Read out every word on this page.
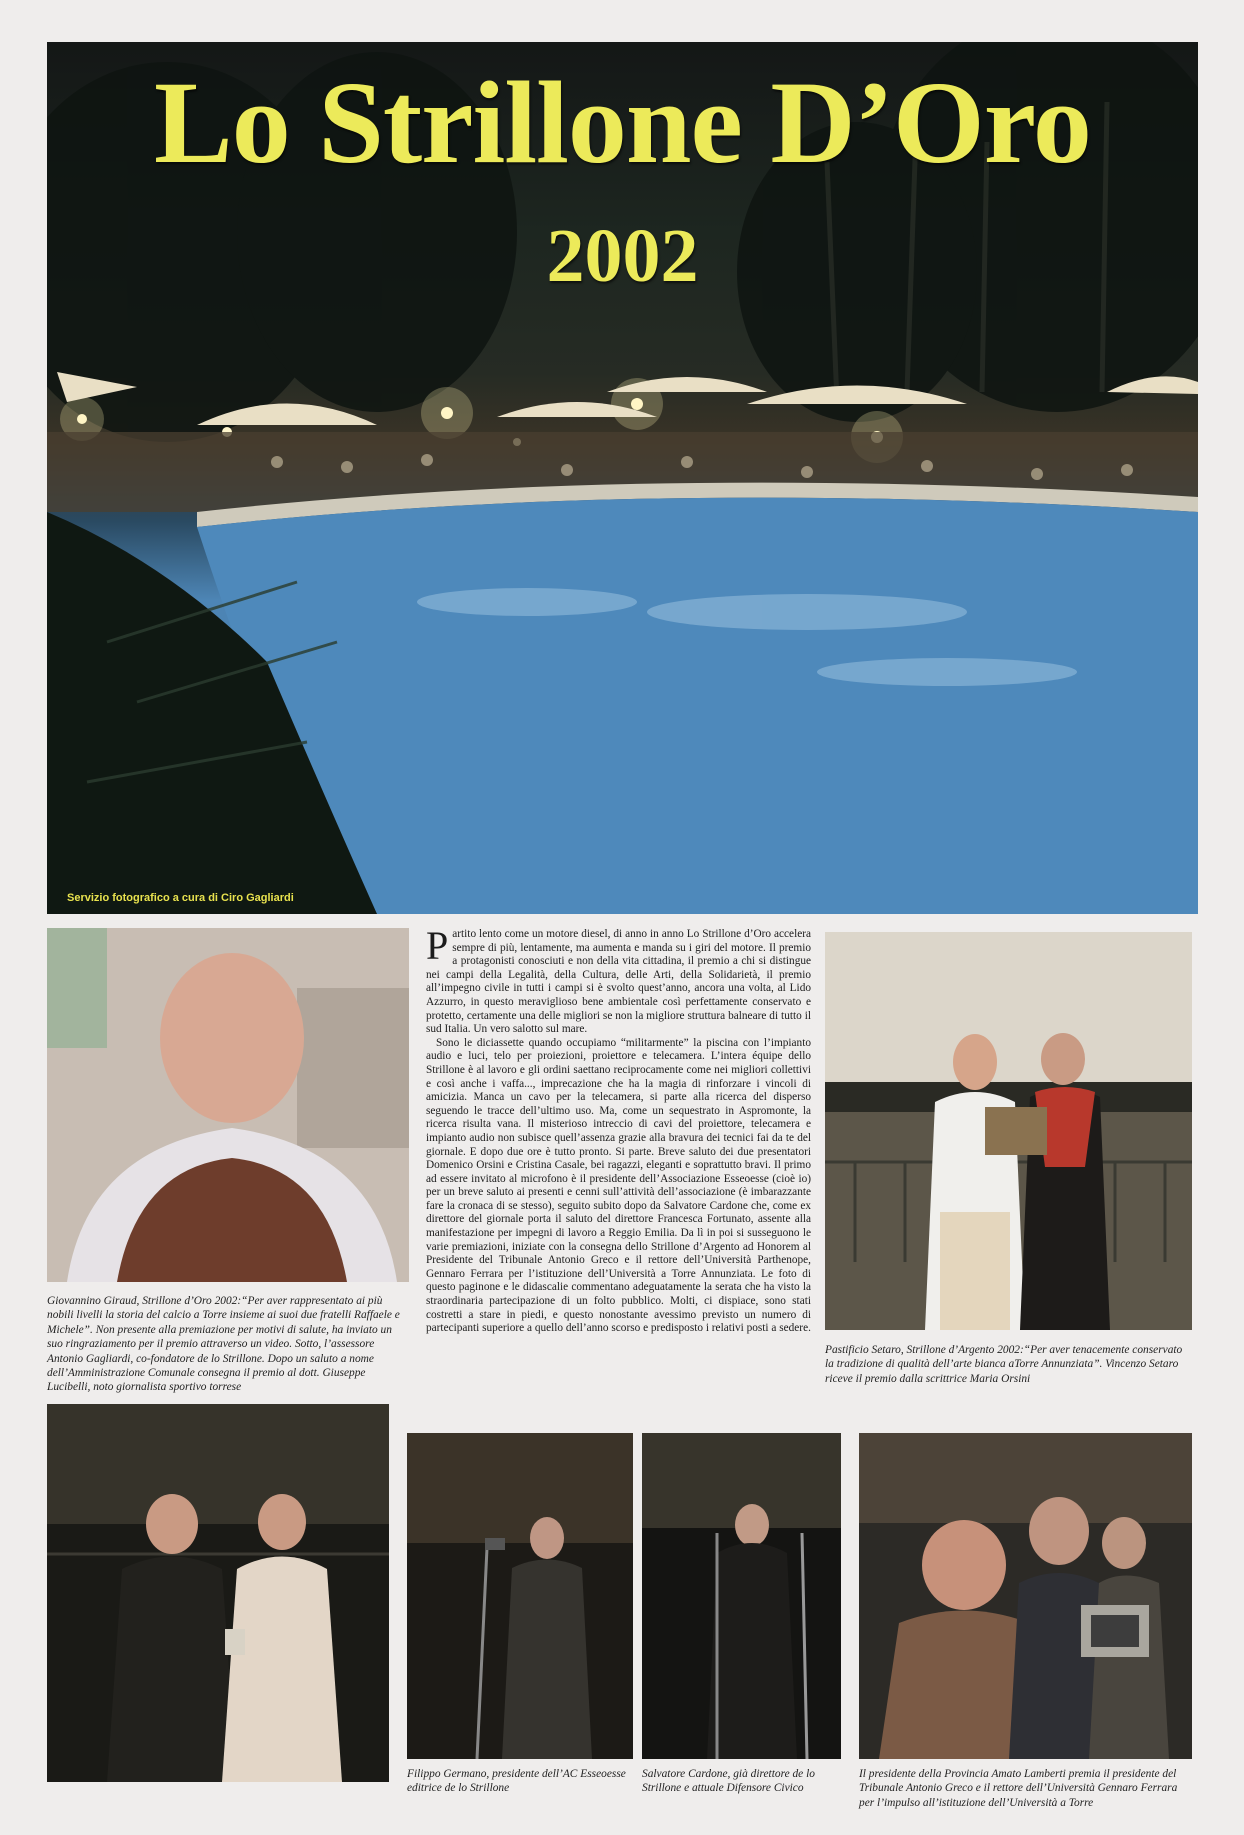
Lo Strillone D’Oro
2002
Servizio fotografico a cura di Ciro Gagliardi
Giovannino Giraud, Strillone d’Oro 2002:“Per aver rappresentato ai più nobili livelli la storia del calcio a Torre insieme ai suoi due fratelli Raffaele e Michele”. Non presente alla premiazione per motivi di salute, ha inviato un suo ringraziamento per il premio attraverso un video. Sotto, l’assessore Antonio Gagliardi, co-fondatore de lo Strillone. Dopo un saluto a nome dell’Amministrazione Comunale consegna il premio al dott. Giuseppe Lucibelli, noto giornalista sportivo torrese

Partito lento come un motore diesel, di anno in anno Lo Strillone d’Oro accelera sempre di più, lentamente, ma aumenta e manda su i giri del motore. Il premio a protagonisti conosciuti e non della vita cittadina, il premio a chi si distingue nei campi della Legalità, della Cultura, delle Arti, della Solidarietà, il premio all’impegno civile in tutti i campi si è svolto quest’anno, ancora una volta, al Lido Azzurro, in questo meraviglioso bene ambientale così perfettamente conservato e protetto, certamente una delle migliori se non la migliore struttura balneare di tutto il sud Italia. Un vero salotto sul mare.

Sono le diciassette quando occupiamo “militarmente” la piscina con l’impianto audio e luci, telo per proiezioni, proiettore e telecamera. L’intera équipe dello Strillone è al lavoro e gli ordini saettano reciprocamente come nei migliori collettivi e così anche i vaffa..., imprecazione che ha la magia di rinforzare i vincoli di amicizia. Manca un cavo per la telecamera, si parte alla ricerca del disperso seguendo le tracce dell’ultimo uso. Ma, come un sequestrato in Aspromonte, la ricerca risulta vana. Il misterioso intreccio di cavi del proiettore, telecamera e impianto audio non subisce quell’assenza grazie alla bravura dei tecnici fai da te del giornale. E dopo due ore è tutto pronto. Si parte. Breve saluto dei due presentatori Domenico Orsini e Cristina Casale, bei ragazzi, eleganti e soprattutto bravi. Il primo ad essere invitato al microfono è il presidente dell’Associazione Esseoesse (cioè io) per un breve saluto ai presenti e cenni sull’attività dell’associazione (è imbarazzante fare la cronaca di se stesso), seguito subito dopo da Salvatore Cardone che, come ex direttore del giornale porta il saluto del direttore Francesca Fortunato, assente alla manifestazione per impegni di lavoro a Reggio Emilia. Da lì in poi si susseguono le varie premiazioni, iniziate con la consegna dello Strillone d’Argento ad Honorem al Presidente del Tribunale Antonio Greco e il rettore dell’Università Parthenope, Gennaro Ferrara per l’istituzione dell’Università a Torre Annunziata. Le foto di questo paginone e le didascalie commentano adeguatamente la serata che ha visto la straordinaria partecipazione di un folto pubblico. Molti, ci dispiace, sono stati costretti a stare in piedi, e questo nonostante avessimo previsto un numero di partecipanti superiore a quello dell’anno scorso e predisposto i relativi posti a sedere.

Pastificio Setaro, Strillone d’Argento 2002:“Per aver tenacemente conservato la tradizione di qualità dell’arte bianca aTorre Annunziata”. Vincenzo Setaro riceve il premio dalla scrittrice Maria Orsini
Filippo Germano, presidente dell’AC Esseoesse editrice de lo Strillone
Salvatore Cardone, già direttore de lo Strillone e attuale Difensore Civico
Il presidente della Provincia Amato Lamberti premia il presidente del Tribunale Antonio Greco e il rettore dell’Università Gennaro Ferrara per l’impulso all’istituzione dell’Università a Torre
